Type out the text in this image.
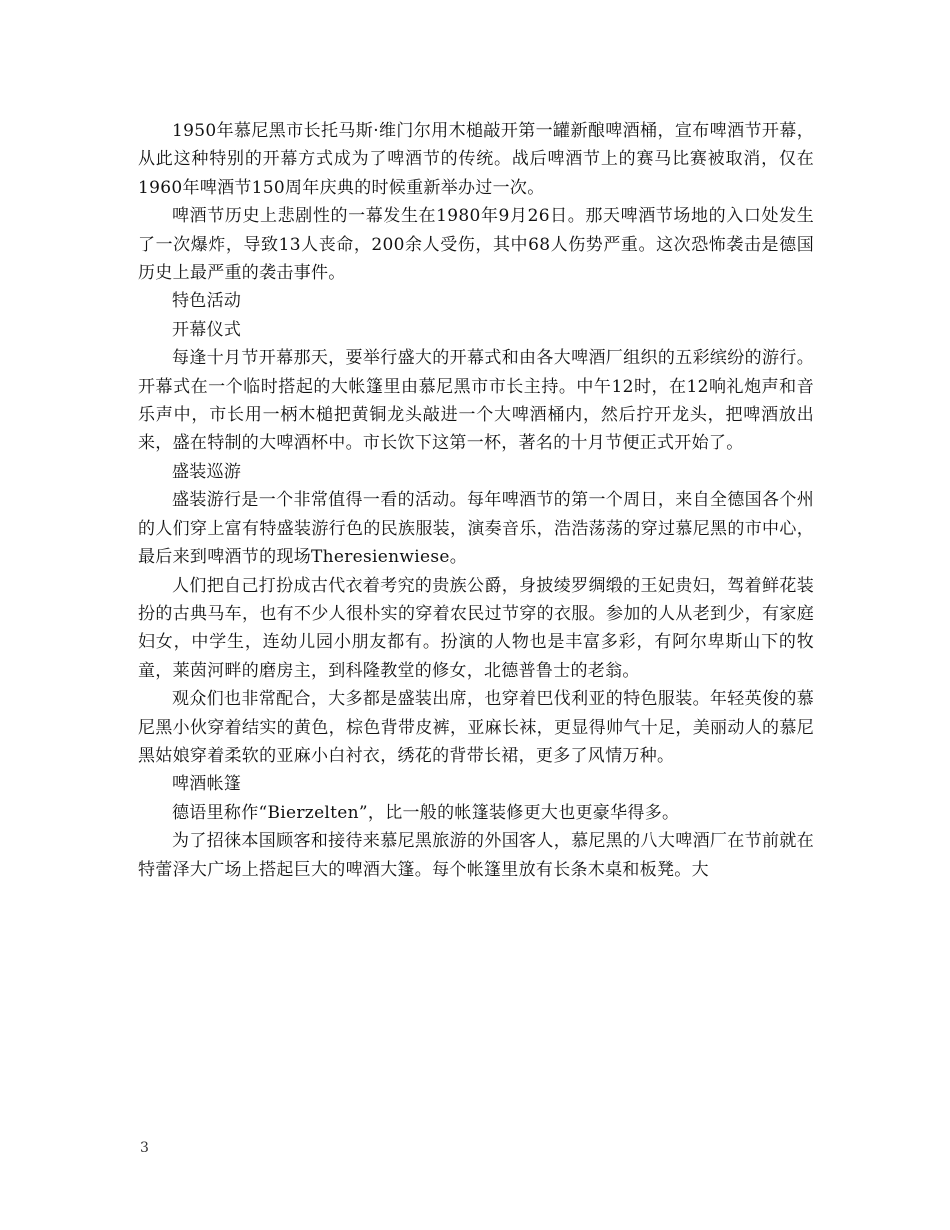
1950年慕尼黑市长托马斯·维门尔用木槌敲开第一罐新酿啤酒桶，宣布啤酒节开幕，从此这种特别的开幕方式成为了啤酒节的传统。战后啤酒节上的赛马比赛被取消，仅在1960年啤酒节150周年庆典的时候重新举办过一次。

啤酒节历史上悲剧性的一幕发生在1980年9月26日。那天啤酒节场地的入口处发生了一次爆炸，导致13人丧命，200余人受伤，其中68人伤势严重。这次恐怖袭击是德国历史上最严重的袭击事件。

特色活动

开幕仪式

每逢十月节开幕那天，要举行盛大的开幕式和由各大啤酒厂组织的五彩缤纷的游行。开幕式在一个临时搭起的大帐篷里由慕尼黑市市长主持。中午12时，在12响礼炮声和音乐声中，市长用一柄木槌把黄铜龙头敲进一个大啤酒桶内，然后拧开龙头，把啤酒放出来，盛在特制的大啤酒杯中。市长饮下这第一杯，著名的十月节便正式开始了。

盛装巡游

盛装游行是一个非常值得一看的活动。每年啤酒节的第一个周日，来自全德国各个州的人们穿上富有特盛装游行色的民族服装，演奏音乐，浩浩荡荡的穿过慕尼黑的市中心，最后来到啤酒节的现场Theresienwiese。

人们把自己打扮成古代衣着考究的贵族公爵，身披绫罗绸缎的王妃贵妇，驾着鲜花装扮的古典马车，也有不少人很朴实的穿着农民过节穿的衣服。参加的人从老到少，有家庭妇女，中学生，连幼儿园小朋友都有。扮演的人物也是丰富多彩，有阿尔卑斯山下的牧童，莱茵河畔的磨房主，到科隆教堂的修女，北德普鲁士的老翁。

观众们也非常配合，大多都是盛装出席，也穿着巴伐利亚的特色服装。年轻英俊的慕尼黑小伙穿着结实的黄色，棕色背带皮裤，亚麻长袜，更显得帅气十足，美丽动人的慕尼黑姑娘穿着柔软的亚麻小白衬衣，绣花的背带长裙，更多了风情万种。

啤酒帐篷

德语里称作“Bierzelten”，比一般的帐篷装修更大也更豪华得多。

为了招徕本国顾客和接待来慕尼黑旅游的外国客人，慕尼黑的八大啤酒厂在节前就在特蕾泽大广场上搭起巨大的啤酒大篷。每个帐篷里放有长条木桌和板凳。大

3
